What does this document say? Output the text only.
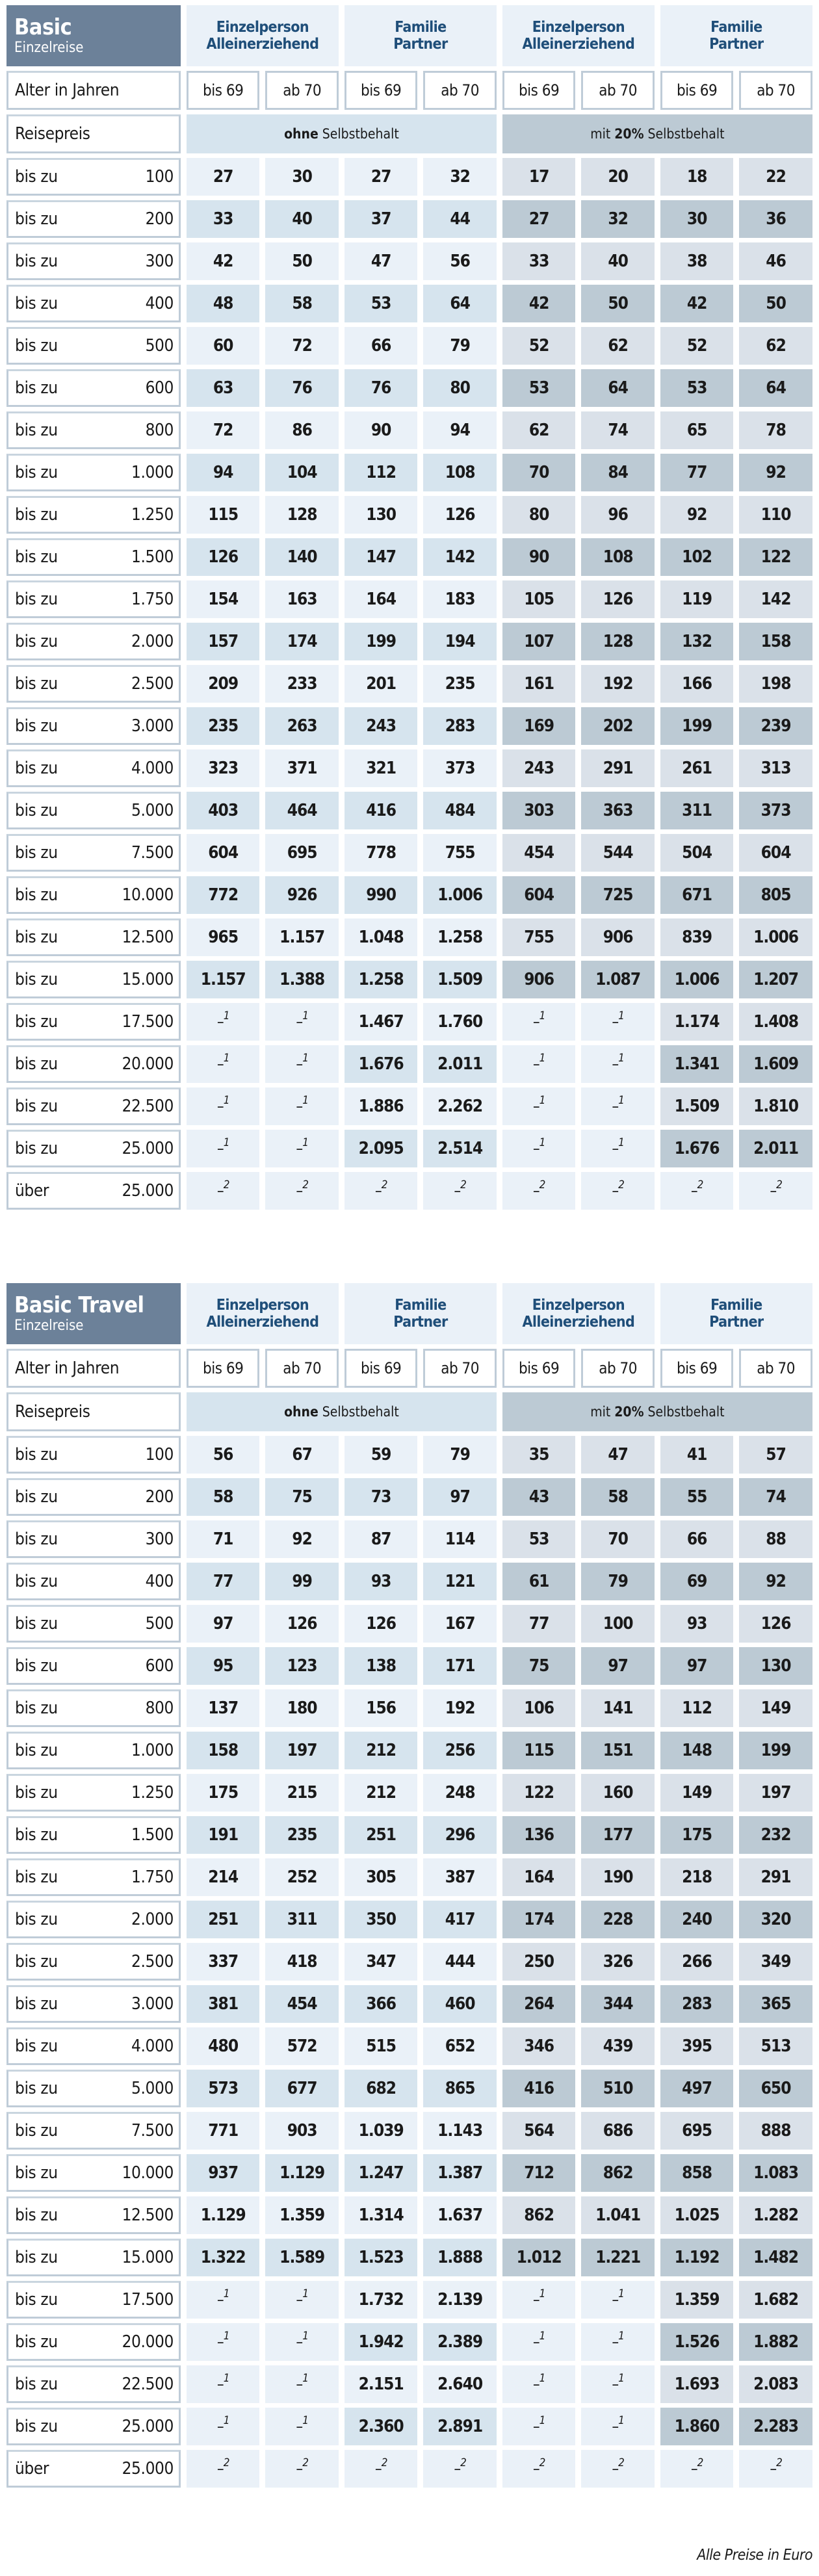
Basic
Einzelreise
Einzelperson
Alleinerziehend
Familie
Partner
Einzelperson
Alleinerziehend
Familie
Partner
Alter in Jahren	bis 69	ab 70	bis 69	ab 70	bis 69	ab 70	bis 69	ab 70
Reisepreis	ohne Selbstbehalt	mit 20% Selbstbehalt
bis zu	100	27	30	27	32	17	20	18	22
bis zu	200	33	40	37	44	27	32	30	36
bis zu	300	42	50	47	56	33	40	38	46
bis zu	400	48	58	53	64	42	50	42	50
bis zu	500	60	72	66	79	52	62	52	62
bis zu	600	63	76	76	80	53	64	53	64
bis zu	800	72	86	90	94	62	74	65	78
bis zu	1.000	94	104	112	108	70	84	77	92
bis zu	1.250	115	128	130	126	80	96	92	110
bis zu	1.500	126	140	147	142	90	108	102	122
bis zu	1.750	154	163	164	183	105	126	119	142
bis zu	2.000	157	174	199	194	107	128	132	158
bis zu	2.500	209	233	201	235	161	192	166	198
bis zu	3.000	235	263	243	283	169	202	199	239
bis zu	4.000	323	371	321	373	243	291	261	313
bis zu	5.000	403	464	416	484	303	363	311	373
bis zu	7.500	604	695	778	755	454	544	504	604
bis zu	10.000	772	926	990	1.006	604	725	671	805
bis zu	12.500	965	1.157	1.048	1.258	755	906	839	1.006
bis zu	15.000	1.157	1.388	1.258	1.509	906	1.087	1.006	1.207
bis zu	17.500	– 1	– 1	1.467	1.760	– 1	– 1	1.174	1.408
bis zu	20.000	– 1	– 1	1.676	2.011	– 1	– 1	1.341	1.609
bis zu	22.500	– 1	– 1	1.886	2.262	– 1	– 1	1.509	1.810
bis zu	25.000	– 1	– 1	2.095	2.514	– 1	– 1	1.676	2.011
über	25.000	– 2	– 2	– 2	– 2	– 2	– 2	– 2	– 2
Basic Travel
Einzelreise
Einzelperson
Alleinerziehend
Familie
Partner
Einzelperson
Alleinerziehend
Familie
Partner
Alter in Jahren	bis 69	ab 70	bis 69	ab 70	bis 69	ab 70	bis 69	ab 70
Reisepreis	ohne Selbstbehalt	mit 20% Selbstbehalt
bis zu	100	56	67	59	79	35	47	41	57
bis zu	200	58	75	73	97	43	58	55	74
bis zu	300	71	92	87	114	53	70	66	88
bis zu	400	77	99	93	121	61	79	69	92
bis zu	500	97	126	126	167	77	100	93	126
bis zu	600	95	123	138	171	75	97	97	130
bis zu	800	137	180	156	192	106	141	112	149
bis zu	1.000	158	197	212	256	115	151	148	199
bis zu	1.250	175	215	212	248	122	160	149	197
bis zu	1.500	191	235	251	296	136	177	175	232
bis zu	1.750	214	252	305	387	164	190	218	291
bis zu	2.000	251	311	350	417	174	228	240	320
bis zu	2.500	337	418	347	444	250	326	266	349
bis zu	3.000	381	454	366	460	264	344	283	365
bis zu	4.000	480	572	515	652	346	439	395	513
bis zu	5.000	573	677	682	865	416	510	497	650
bis zu	7.500	771	903	1.039	1.143	564	686	695	888
bis zu	10.000	937	1.129	1.247	1.387	712	862	858	1.083
bis zu	12.500	1.129	1.359	1.314	1.637	862	1.041	1.025	1.282
bis zu	15.000	1.322	1.589	1.523	1.888	1.012	1.221	1.192	1.482
bis zu	17.500	– 1	– 1	1.732	2.139	– 1	– 1	1.359	1.682
bis zu	20.000	– 1	– 1	1.942	2.389	– 1	– 1	1.526	1.882
bis zu	22.500	– 1	– 1	2.151	2.640	– 1	– 1	1.693	2.083
bis zu	25.000	– 1	– 1	2.360	2.891	– 1	– 1	1.860	2.283
über	25.000	– 2	– 2	– 2	– 2	– 2	– 2	– 2	– 2
Alle Preise in Euro
